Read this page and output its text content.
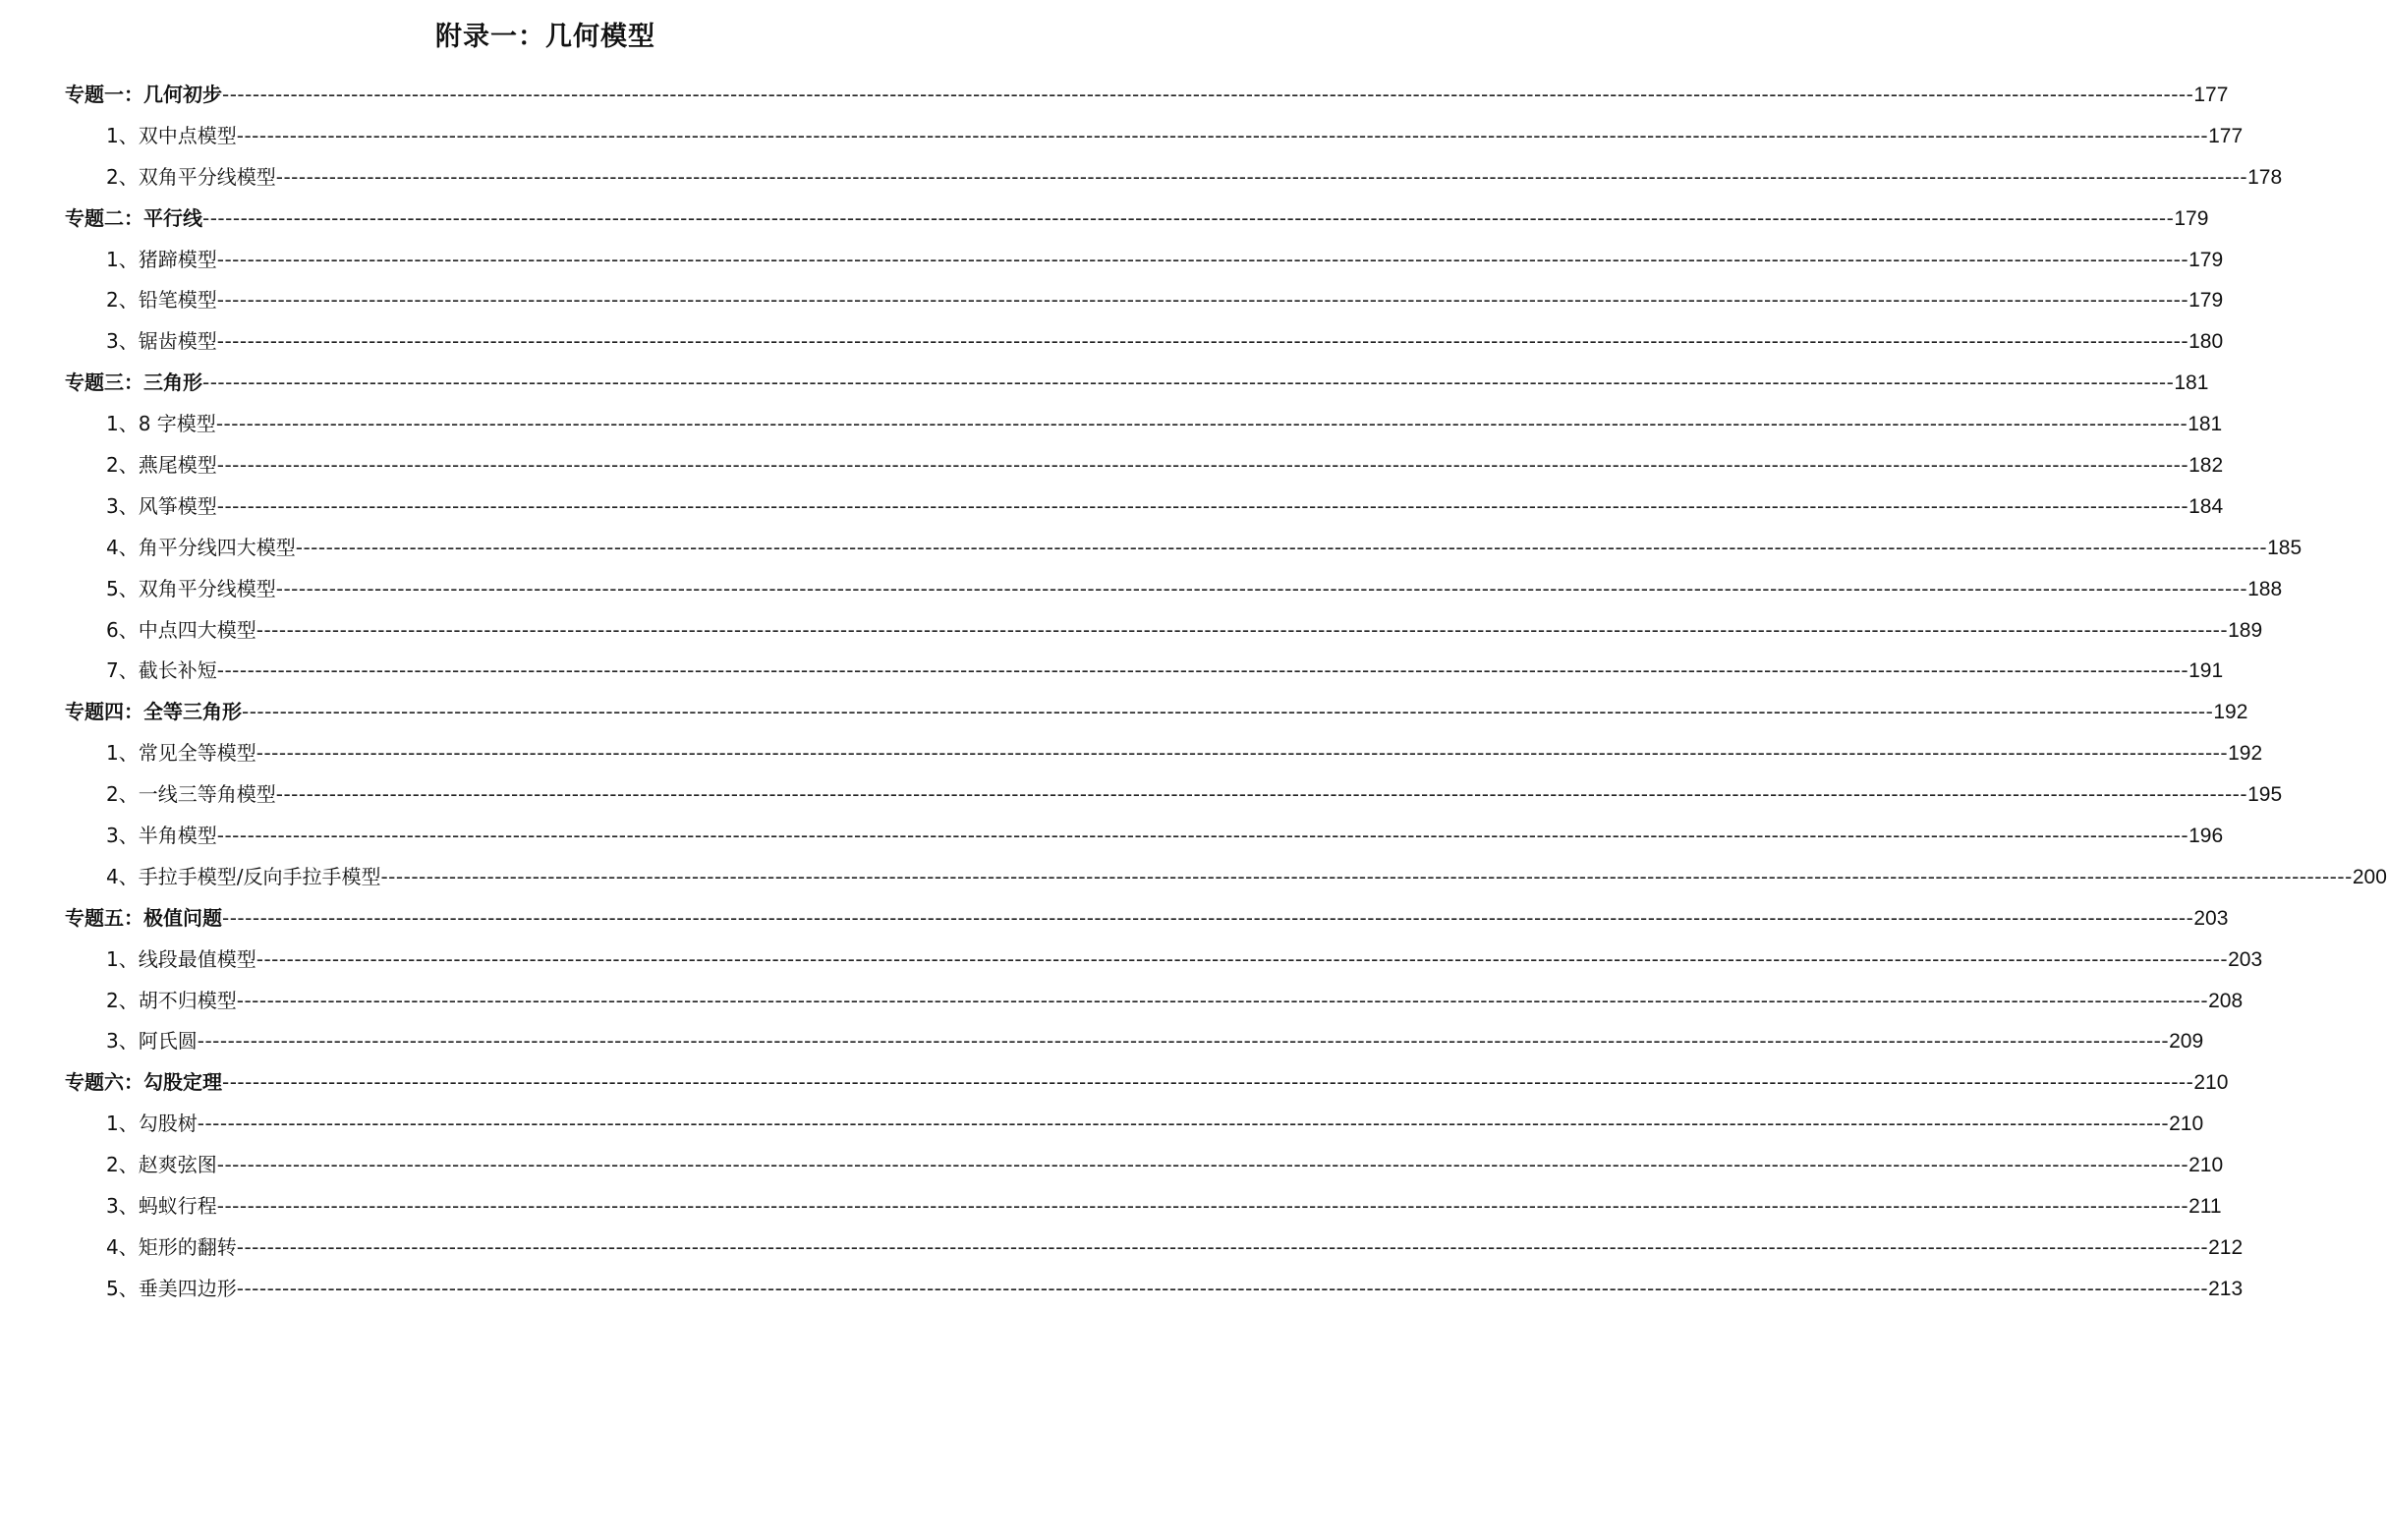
附录一：几何模型
专题一：几何初步 -------------------------------------------------------------------------------------------------------------------------------------------------------------------------------------------------------------------------------------------------------------------- 177
1、双中点模型 -------------------------------------------------------------------------------------------------------------------------------------------------------------------------------------------------------------------------------------------------------------------- 177
2、双角平分线模型 -------------------------------------------------------------------------------------------------------------------------------------------------------------------------------------------------------------------------------------------------------------------- 178
专题二：平行线 -------------------------------------------------------------------------------------------------------------------------------------------------------------------------------------------------------------------------------------------------------------------- 179
1、猪蹄模型 -------------------------------------------------------------------------------------------------------------------------------------------------------------------------------------------------------------------------------------------------------------------- 179
2、铅笔模型 -------------------------------------------------------------------------------------------------------------------------------------------------------------------------------------------------------------------------------------------------------------------- 179
3、锯齿模型 -------------------------------------------------------------------------------------------------------------------------------------------------------------------------------------------------------------------------------------------------------------------- 180
专题三：三角形 -------------------------------------------------------------------------------------------------------------------------------------------------------------------------------------------------------------------------------------------------------------------- 181
1、8 字模型 -------------------------------------------------------------------------------------------------------------------------------------------------------------------------------------------------------------------------------------------------------------------- 181
2、燕尾模型 -------------------------------------------------------------------------------------------------------------------------------------------------------------------------------------------------------------------------------------------------------------------- 182
3、风筝模型 -------------------------------------------------------------------------------------------------------------------------------------------------------------------------------------------------------------------------------------------------------------------- 184
4、角平分线四大模型 -------------------------------------------------------------------------------------------------------------------------------------------------------------------------------------------------------------------------------------------------------------------- 185
5、双角平分线模型 -------------------------------------------------------------------------------------------------------------------------------------------------------------------------------------------------------------------------------------------------------------------- 188
6、中点四大模型 -------------------------------------------------------------------------------------------------------------------------------------------------------------------------------------------------------------------------------------------------------------------- 189
7、截长补短 -------------------------------------------------------------------------------------------------------------------------------------------------------------------------------------------------------------------------------------------------------------------- 191
专题四：全等三角形 -------------------------------------------------------------------------------------------------------------------------------------------------------------------------------------------------------------------------------------------------------------------- 192
1、常见全等模型 -------------------------------------------------------------------------------------------------------------------------------------------------------------------------------------------------------------------------------------------------------------------- 192
2、一线三等角模型 -------------------------------------------------------------------------------------------------------------------------------------------------------------------------------------------------------------------------------------------------------------------- 195
3、半角模型 -------------------------------------------------------------------------------------------------------------------------------------------------------------------------------------------------------------------------------------------------------------------- 196
4、手拉手模型/反向手拉手模型 -------------------------------------------------------------------------------------------------------------------------------------------------------------------------------------------------------------------------------------------------------------------- 200
专题五：极值问题 -------------------------------------------------------------------------------------------------------------------------------------------------------------------------------------------------------------------------------------------------------------------- 203
1、线段最值模型 -------------------------------------------------------------------------------------------------------------------------------------------------------------------------------------------------------------------------------------------------------------------- 203
2、胡不归模型 -------------------------------------------------------------------------------------------------------------------------------------------------------------------------------------------------------------------------------------------------------------------- 208
3、阿氏圆 -------------------------------------------------------------------------------------------------------------------------------------------------------------------------------------------------------------------------------------------------------------------- 209
专题六：勾股定理 -------------------------------------------------------------------------------------------------------------------------------------------------------------------------------------------------------------------------------------------------------------------- 210
1、勾股树 -------------------------------------------------------------------------------------------------------------------------------------------------------------------------------------------------------------------------------------------------------------------- 210
2、赵爽弦图 -------------------------------------------------------------------------------------------------------------------------------------------------------------------------------------------------------------------------------------------------------------------- 210
3、蚂蚁行程 -------------------------------------------------------------------------------------------------------------------------------------------------------------------------------------------------------------------------------------------------------------------- 211
4、矩形的翻转 -------------------------------------------------------------------------------------------------------------------------------------------------------------------------------------------------------------------------------------------------------------------- 212
5、垂美四边形 -------------------------------------------------------------------------------------------------------------------------------------------------------------------------------------------------------------------------------------------------------------------- 213
